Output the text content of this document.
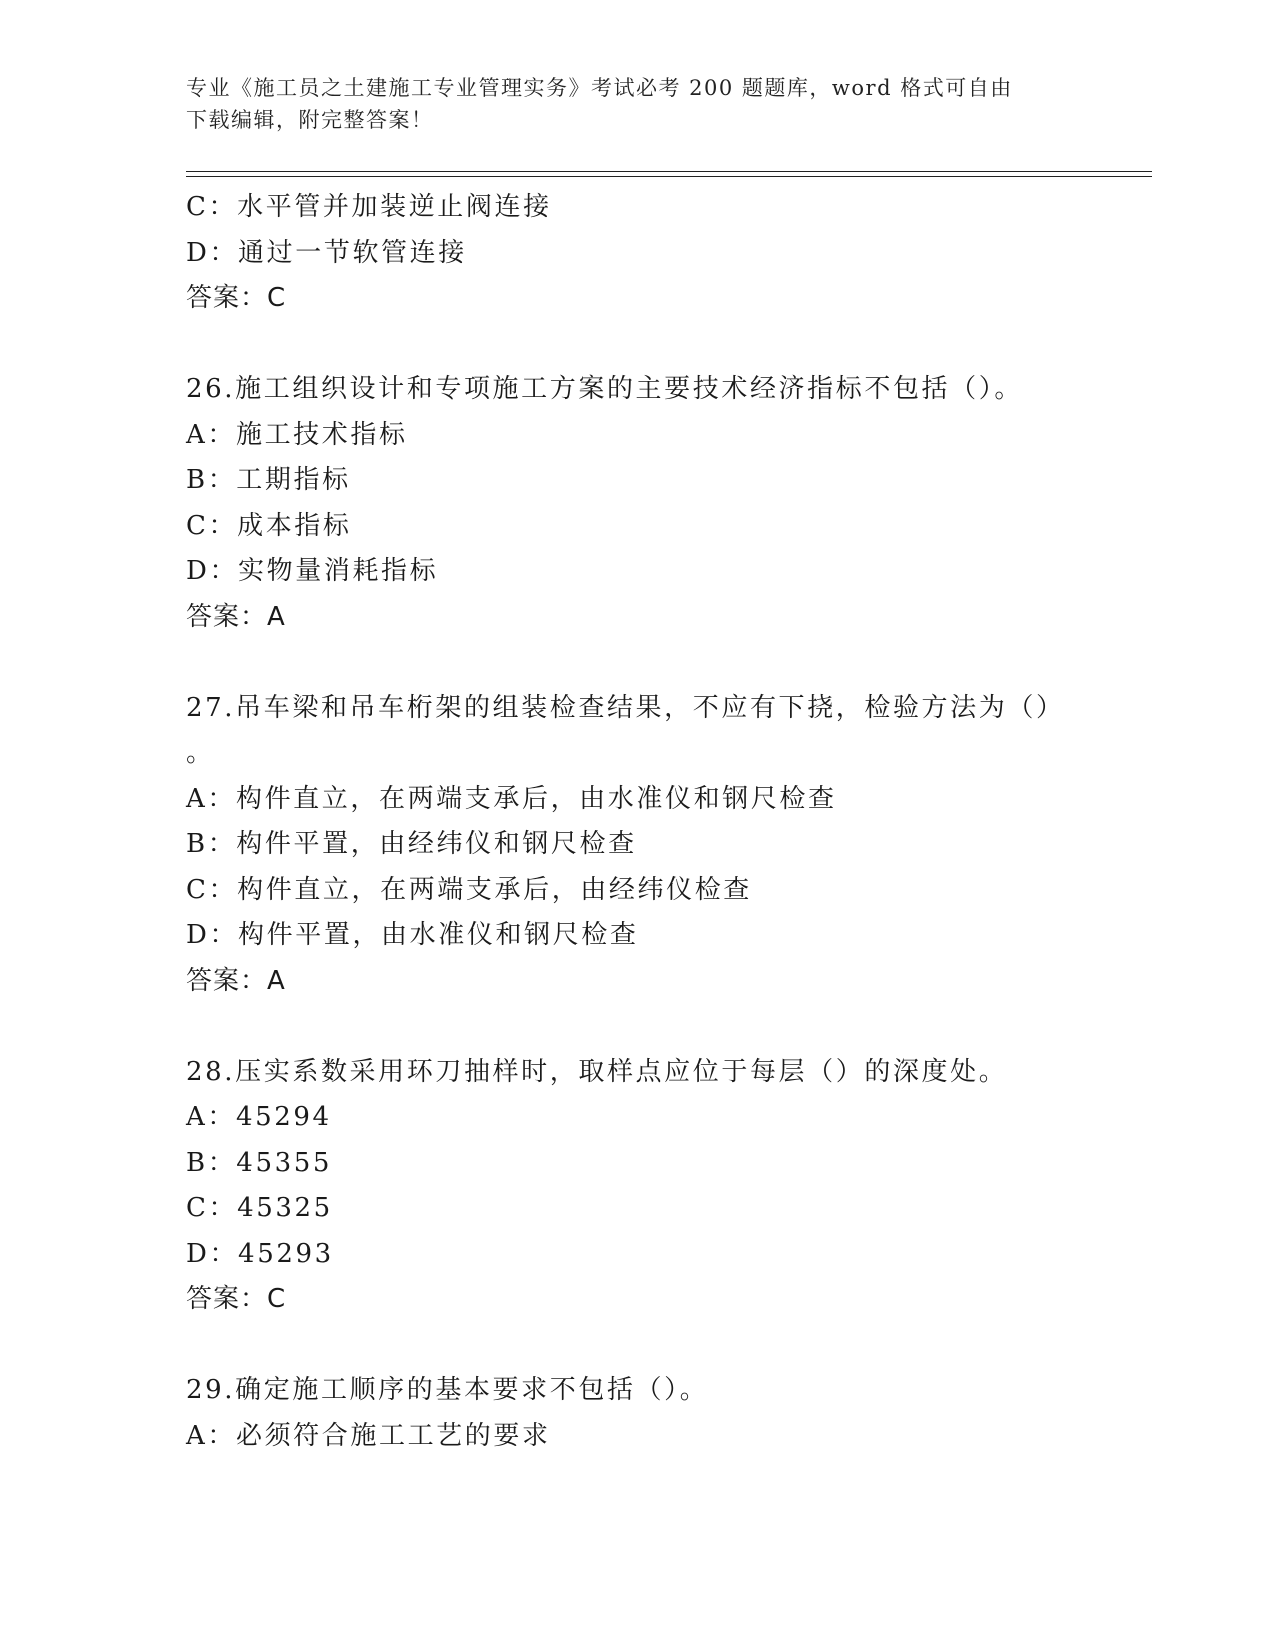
专业《施工员之土建施工专业管理实务》考试必考 200 题题库，word 格式可自由
下载编辑，附完整答案！
C：水平管并加装逆止阀连接
D：通过一节软管连接
答案：C
26.施工组织设计和专项施工方案的主要技术经济指标不包括（）。
A：施工技术指标
B：工期指标
C：成本指标
D：实物量消耗指标
答案：A
27.吊车梁和吊车桁架的组装检查结果，不应有下挠，检验方法为（）
。
A：构件直立，在两端支承后，由水准仪和钢尺检查
B：构件平置，由经纬仪和钢尺检查
C：构件直立，在两端支承后，由经纬仪检查
D：构件平置，由水准仪和钢尺检查
答案：A
28.压实系数采用环刀抽样时，取样点应位于每层（）的深度处。
A：45294
B：45355
C：45325
D：45293
答案：C
29.确定施工顺序的基本要求不包括（）。
A：必须符合施工工艺的要求
